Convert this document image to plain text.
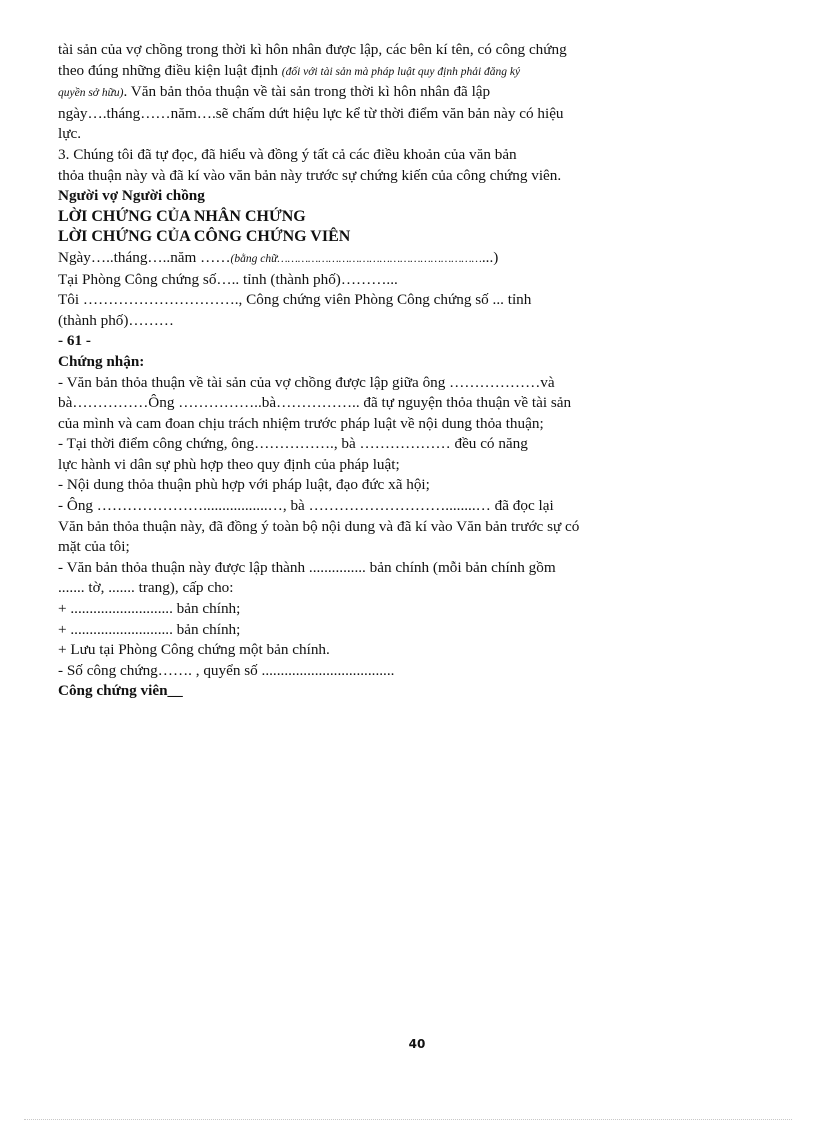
tài sản của vợ chồng trong thời kì hôn nhân được lập, các bên kí tên, có công chứng
theo đúng những điều kiện luật định (đối với tài sản mà pháp luật quy định phải đăng ký
quyền sở hữu). Văn bản thỏa thuận về tài sản trong thời kì hôn nhân đã lập
ngày….tháng……năm….sẽ chấm dứt hiệu lực kể từ thời điểm văn bản này có hiệu
lực.
3. Chúng tôi đã tự đọc, đã hiểu và đồng ý tất cả các điều khoản của văn bản
thỏa thuận này và đã kí vào văn bản này trước sự chứng kiến của công chứng viên.
Người vợ Người chồng
LỜI CHỨNG CỦA NHÂN CHỨNG
LỜI CHỨNG CỦA CÔNG CHỨNG VIÊN
Ngày…..tháng…..năm ……(bằng chữ……………………………………………………...)
Tại Phòng Công chứng số….. tỉnh (thành phố)………...
Tôi …………………………., Công chứng viên Phòng Công chứng số ... tỉnh
(thành phố)………
- 61 -
Chứng nhận:
- Văn bản thỏa thuận về tài sản của vợ chồng được lập giữa ông ………………và
bà……………Ông ……………..bà…………….. đã tự nguyện thỏa thuận về tài sản
của mình và cam đoan chịu trách nhiệm trước pháp luật về nội dung thỏa thuận;
- Tại thời điểm công chứng, ông……………., bà ……………… đều có năng
lực hành vi dân sự phù hợp theo quy định của pháp luật;
- Nội dung thỏa thuận phù hợp với pháp luật, đạo đức xã hội;
- Ông ………………….................…, bà ………………………........… đã đọc lại
Văn bản thỏa thuận này, đã đồng ý toàn bộ nội dung và đã kí vào Văn bản trước sự có
mặt của tôi;
- Văn bản thỏa thuận này được lập thành ............... bản chính (mỗi bản chính gồm
....... tờ, ....... trang), cấp cho:
+ ........................... bản chính;
+ ........................... bản chính;
+ Lưu tại Phòng Công chứng một bản chính.
- Số công chứng……. , quyển số ...................................
Công chứng viên__
40
